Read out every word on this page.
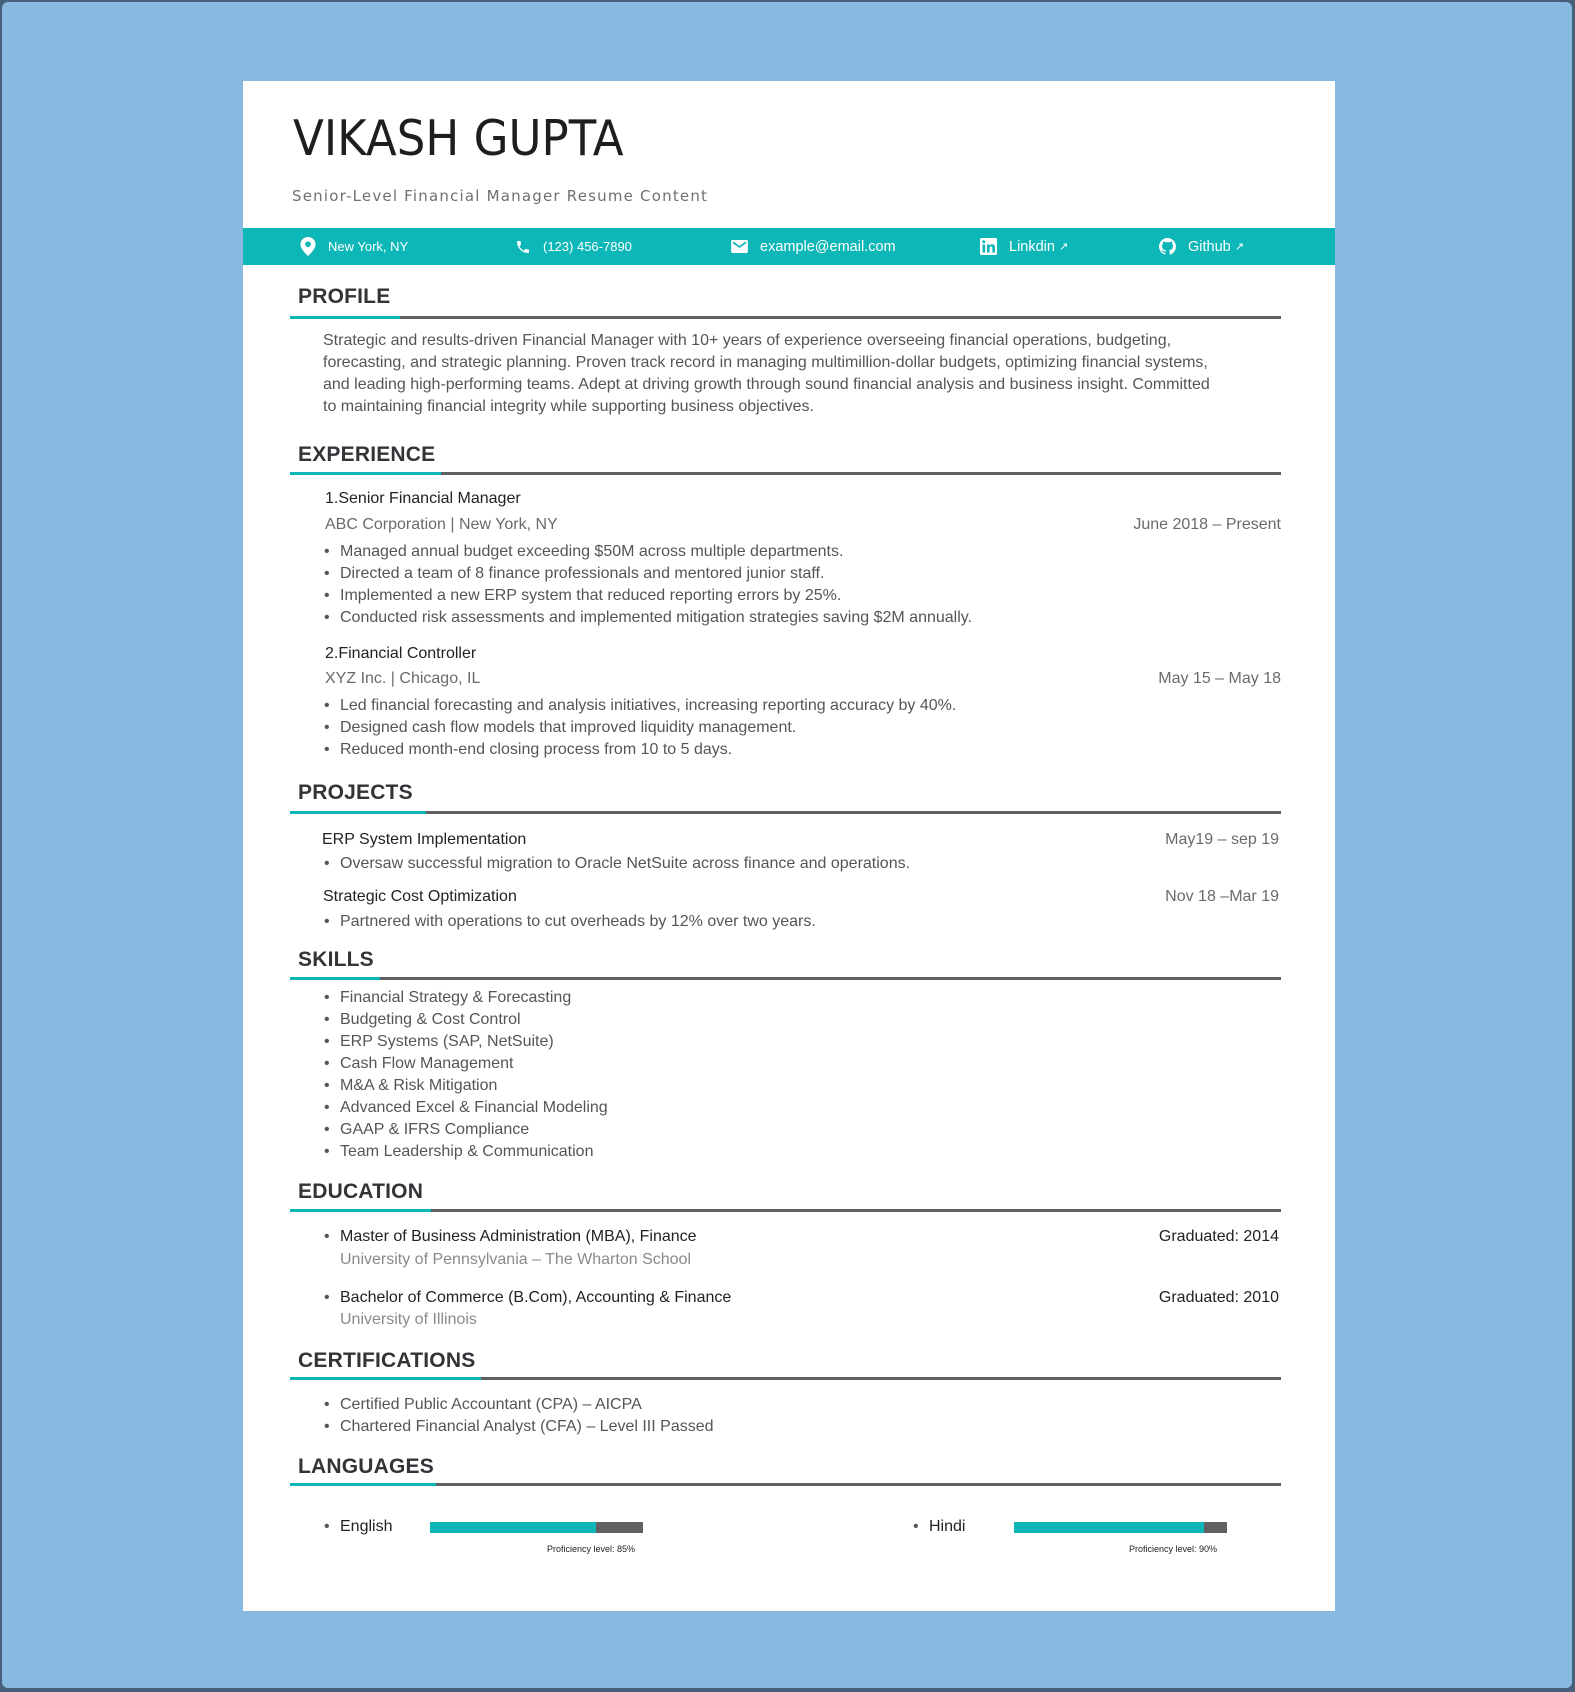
VIKASH GUPTA
Senior-Level Financial Manager Resume Content
New York, NY	(123) 456-7890	example@email.com	Linkdin ↗	Github ↗
PROFILE
Strategic and results-driven Financial Manager with 10+ years of experience overseeing financial operations, budgeting,
forecasting, and strategic planning. Proven track record in managing multimillion-dollar budgets, optimizing financial systems,
and leading high-performing teams. Adept at driving growth through sound financial analysis and business insight. Committed
to maintaining financial integrity while supporting business objectives.
EXPERIENCE
1.Senior Financial Manager
ABC Corporation | New York, NY	June 2018 – Present
• Managed annual budget exceeding $50M across multiple departments.
• Directed a team of 8 finance professionals and mentored junior staff.
• Implemented a new ERP system that reduced reporting errors by 25%.
• Conducted risk assessments and implemented mitigation strategies saving $2M annually.
2.Financial Controller
XYZ Inc. | Chicago, IL	May 15 – May 18
• Led financial forecasting and analysis initiatives, increasing reporting accuracy by 40%.
• Designed cash flow models that improved liquidity management.
• Reduced month-end closing process from 10 to 5 days.
PROJECTS
ERP System Implementation	May19 – sep 19
• Oversaw successful migration to Oracle NetSuite across finance and operations.
Strategic Cost Optimization	Nov 18 –Mar 19
• Partnered with operations to cut overheads by 12% over two years.
SKILLS
• Financial Strategy & Forecasting
• Budgeting & Cost Control
• ERP Systems (SAP, NetSuite)
• Cash Flow Management
• M&A & Risk Mitigation
• Advanced Excel & Financial Modeling
• GAAP & IFRS Compliance
• Team Leadership & Communication
EDUCATION
• Master of Business Administration (MBA), Finance	Graduated: 2014
University of Pennsylvania – The Wharton School
• Bachelor of Commerce (B.Com), Accounting & Finance	Graduated: 2010
University of Illinois
CERTIFICATIONS
• Certified Public Accountant (CPA) – AICPA
• Chartered Financial Analyst (CFA) – Level III Passed
LANGUAGES
• English
Proficiency level: 85%
• Hindi
Proficiency level: 90%
